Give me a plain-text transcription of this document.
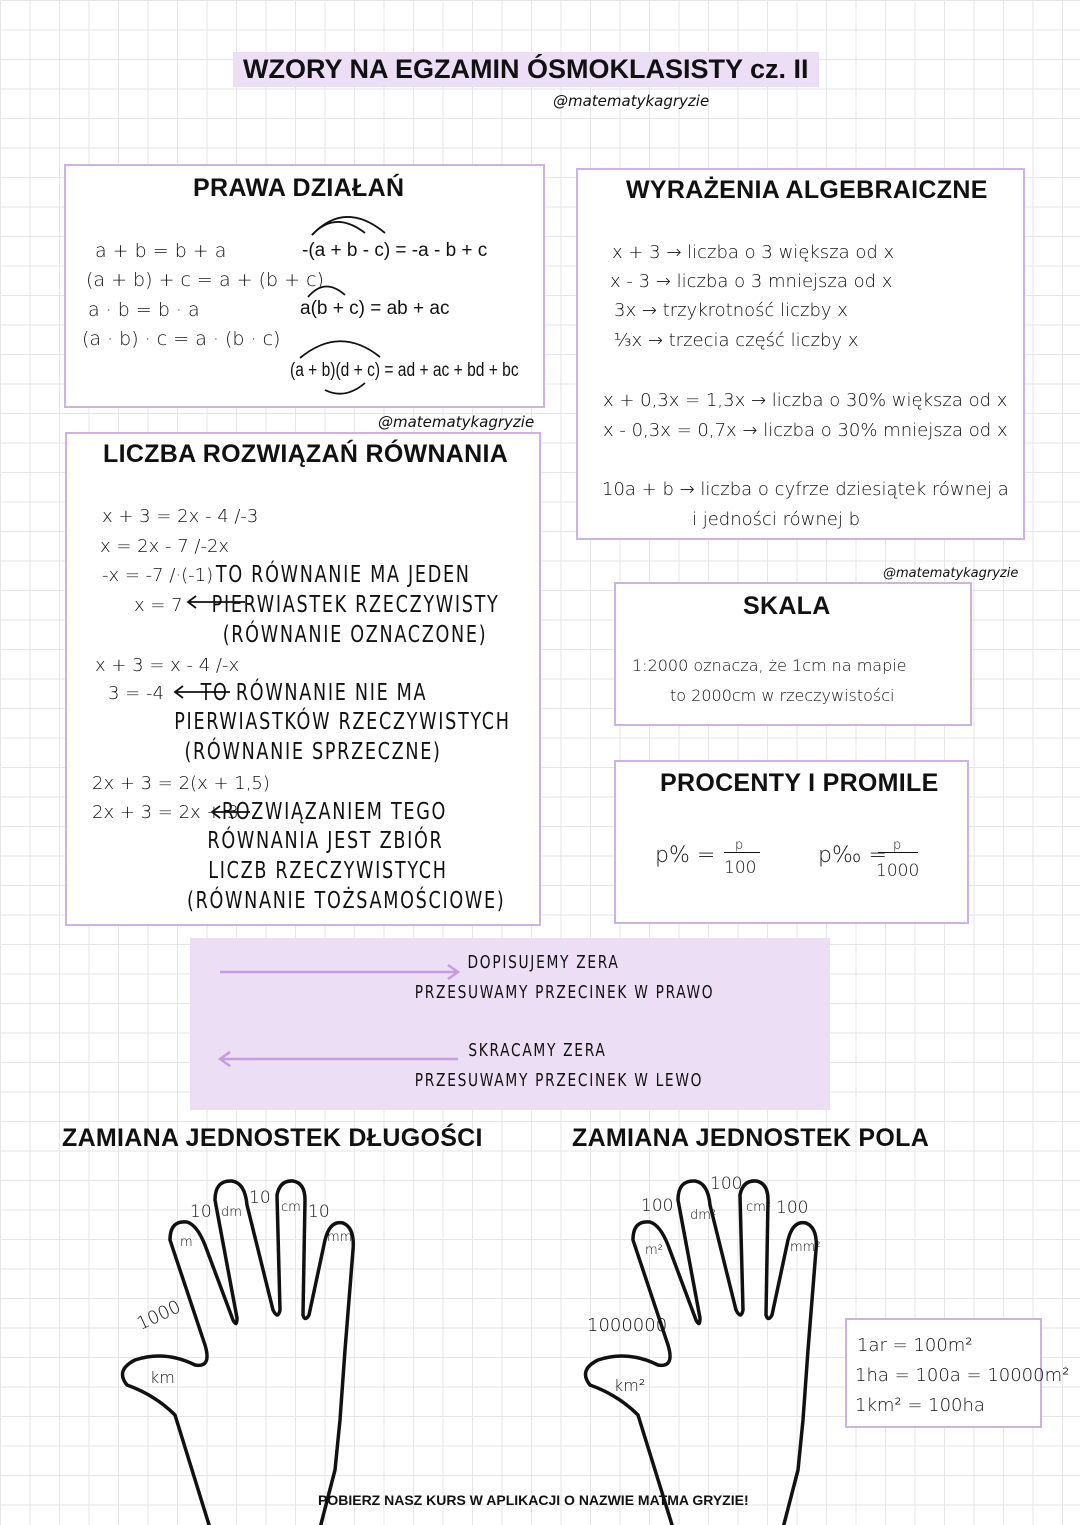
WZORY NA EGZAMIN ÓSMOKLASISTY cz. II
@matematykagryzie
PRAWA DZIAŁAŃ
a + b = b + a
(a + b) + c = a + (b + c)
a · b = b · a
(a · b) · c = a · (b · c)
-(a + b - c) = -a - b + c
a(b + c) = ab + ac
(a + b)(d + c) = ad + ac + bd + bc
@matematykagryzie
WYRAŻENIA ALGEBRAICZNE
x + 3 → liczba o 3 większa od x
x - 3 → liczba o 3 mniejsza od x
3x → trzykrotność liczby x
⅓x → trzecia część liczby x
x + 0,3x = 1,3x → liczba o 30% większa od x
x - 0,3x = 0,7x → liczba o 30% mniejsza od x
10a + b → liczba o cyfrze dziesiątek równej a
i jedności równej b
LICZBA ROZWIĄZAŃ RÓWNANIA
x + 3 = 2x - 4 /-3
x = 2x - 7 /-2x
-x = -7 /·(-1)
x = 7
x + 3 = x - 4 /-x
3 = -4
2x + 3 = 2(x + 1,5)
2x + 3 = 2x + 3
TO RÓWNANIE MA JEDEN
PIERWIASTEK RZECZYWISTY
(RÓWNANIE OZNACZONE)
TO RÓWNANIE NIE MA
PIERWIASTKÓW RZECZYWISTYCH
(RÓWNANIE SPRZECZNE)
ROZWIĄZANIEM TEGO
RÓWNANIA JEST ZBIÓR
LICZB RZECZYWISTYCH
(RÓWNANIE TOŻSAMOŚCIOWE)
@matematykagryzie
SKALA
1:2000 oznacza, że 1cm na mapie
to 2000cm w rzeczywistości
PROCENTY I PROMILE
p% = p
100	p‰ = p
1000
DOPISUJEMY ZERA
PRZESUWAMY PRZECINEK W PRAWO
SKRACAMY ZERA
PRZESUWAMY PRZECINEK W LEWO
ZAMIANA JEDNOSTEK DŁUGOŚCI
km
m
dm	cm
mm
1000
10
10
10
ZAMIANA JEDNOSTEK POLA
km²
m²
dm²
cm²
mm²
1000000
100
100
100
1ar = 100m²
1ha = 100a = 10000m²
1km² = 100ha
POBIERZ NASZ KURS W APLIKACJI O NAZWIE MATMA GRYZIE!
